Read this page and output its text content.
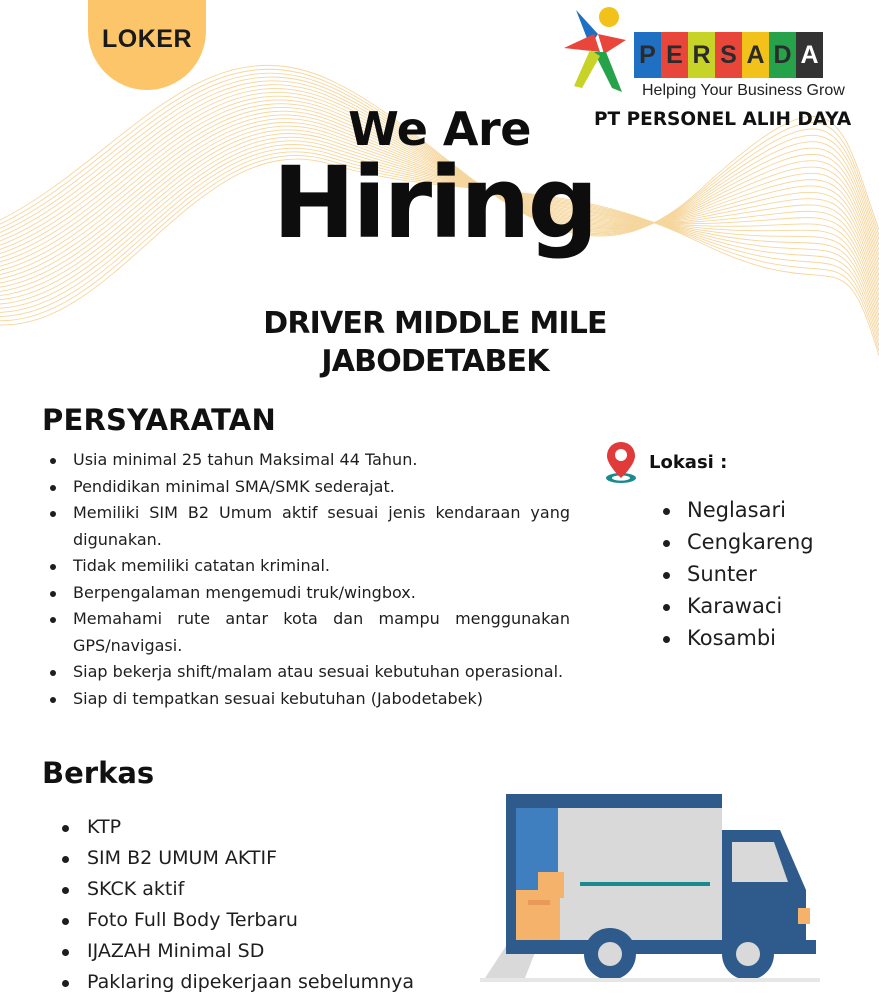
LOKER
P E R S A D A
Helping Your Business Grow
PT PERSONEL ALIH DAYA
We Are
Hiring
DRIVER MIDDLE MILE
JABODETABEK
PERSYARATAN
Usia minimal 25 tahun Maksimal 44 Tahun.
Pendidikan minimal SMA/SMK sederajat.
Memiliki SIM B2 Umum aktif sesuai jenis kendaraan yang digunakan.
Tidak memiliki catatan kriminal.
Berpengalaman mengemudi truk/wingbox.
Memahami rute antar kota dan mampu menggunakan GPS/navigasi.
Siap bekerja shift/malam atau sesuai kebutuhan operasional.
Siap di tempatkan sesuai kebutuhan (Jabodetabek)
Lokasi :
Neglasari
Cengkareng
Sunter
Karawaci
Kosambi
Berkas
KTP
SIM B2 UMUM AKTIF
SKCK aktif
Foto Full Body Terbaru
IJAZAH Minimal SD
Paklaring dipekerjaan sebelumnya
